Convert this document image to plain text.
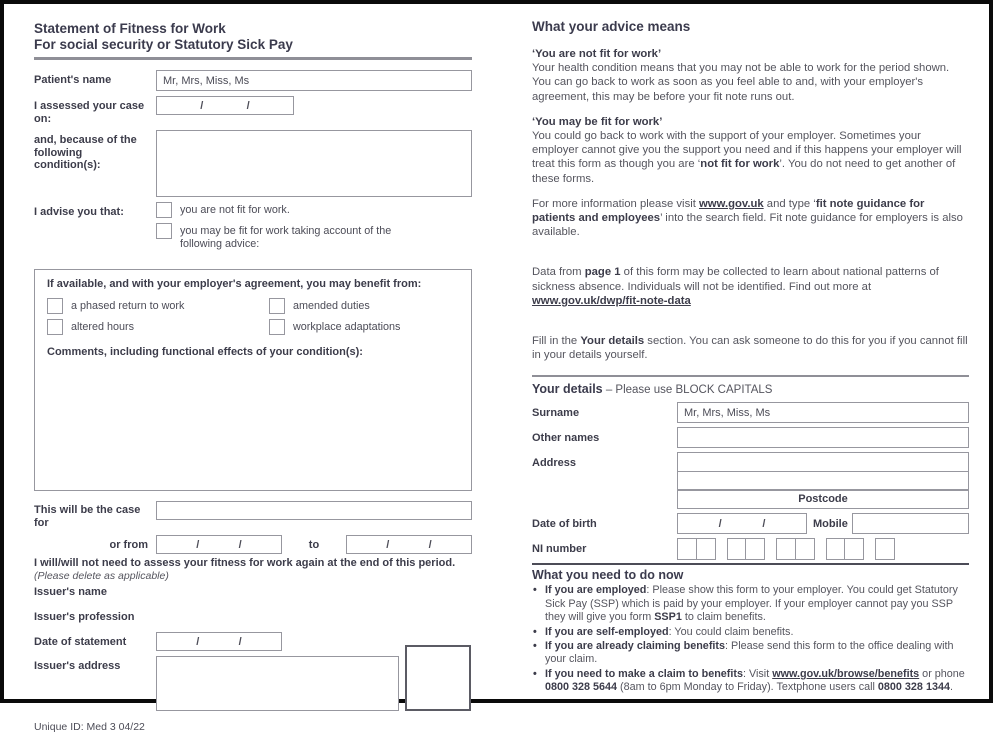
Statement of Fitness for Work
For social security or Statutory Sick Pay
Patient's name	Mr, Mrs, Miss, Ms
I assessed your case on:
/	/
and, because of the following condition(s):
I advise you that:	you are not fit for work.
you may be fit for work taking account of the following advice:
If available, and with your employer's agreement, you may benefit from:
a phased return to work	amended duties
altered hours	workplace adaptations
Comments, including functional effects of your condition(s):
This will be the case for
or from	/	/	to	/	/
I will/will not need to assess your fitness for work again at the end of this period.
(Please delete as applicable)
Issuer's name
Issuer's profession
Date of statement	/	/
Issuer's address
Unique ID: Med 3 04/22
What your advice means
‘You are not fit for work’
Your health condition means that you may not be able to work for the period shown. You can go back to work as soon as you feel able to and, with your employer's agreement, this may be before your fit note runs out.
‘You may be fit for work’
You could go back to work with the support of your employer. Sometimes your employer cannot give you the support you need and if this happens your employer will treat this form as though you are ‘not fit for work’. You do not need to get another of these forms.
For more information please visit www.gov.uk and type ‘fit note guidance for patients and employees’ into the search field. Fit note guidance for employers is also available.
Data from page 1 of this form may be collected to learn about national patterns of sickness absence. Individuals will not be identified. Find out more at www.gov.uk/dwp/fit-note-data
Fill in the Your details section. You can ask someone to do this for you if you cannot fill in your details yourself.
Your details – Please use BLOCK CAPITALS
Surname	Mr, Mrs, Miss, Ms
Other names
Address
Postcode
Date of birth	/	/	Mobile
NI number
What you need to do now
• If you are employed: Please show this form to your employer. You could get Statutory Sick Pay (SSP) which is paid by your employer. If your employer cannot pay you SSP they will give you form SSP1 to claim benefits.
• If you are self-employed: You could claim benefits.
• If you are already claiming benefits: Please send this form to the office dealing with your claim.
• If you need to make a claim to benefits: Visit www.gov.uk/browse/benefits or phone 0800 328 5644 (8am to 6pm Monday to Friday). Textphone users call 0800 328 1344.
